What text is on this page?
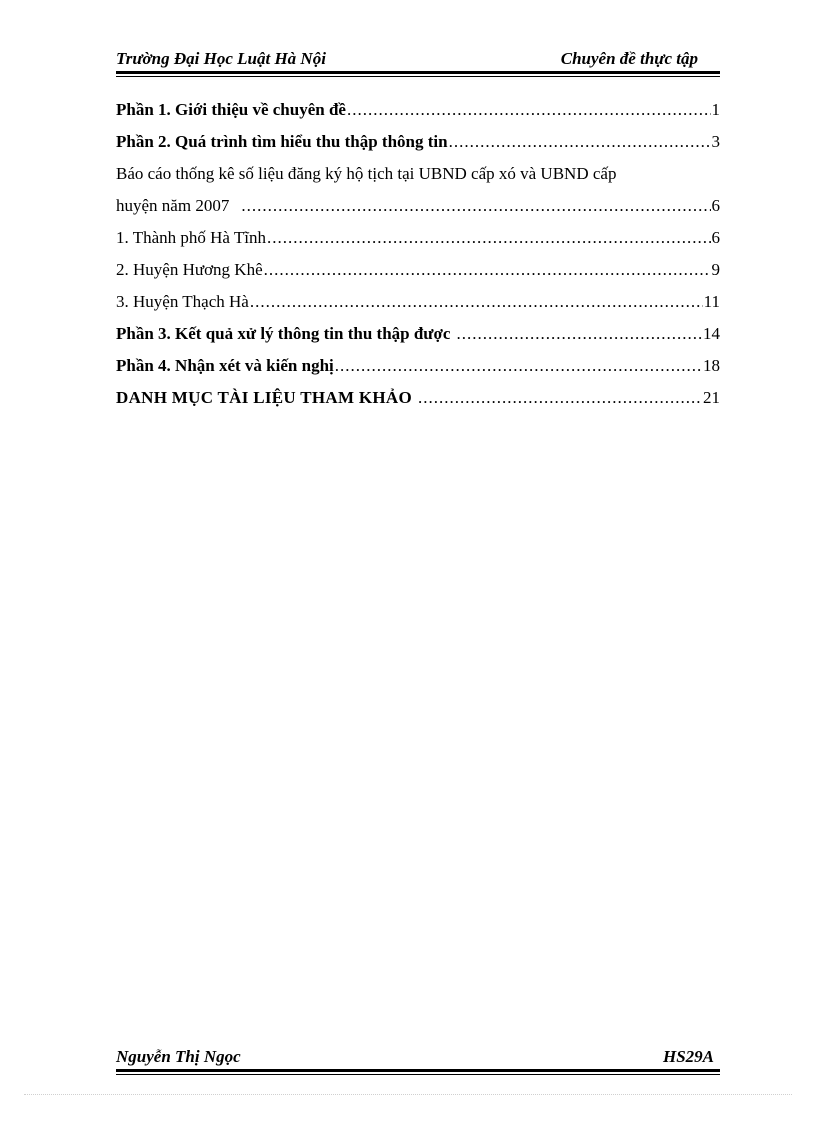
Trường Đại Học Luật Hà Nội	Chuyên đề thực tập
Phần 1. Giới thiệu về chuyên đề .....	1
Phần 2. Quá trình tìm hiểu thu thập thông tin .....	3
Báo cáo thống kê số liệu đăng ký hộ tịch tại UBND cấp xó và UBND cấp
huyện năm 2007 .....	6
1. Thành phố Hà Tĩnh .....	6
2. Huyện Hương Khê .....	9
3. Huyện Thạch Hà .....	11
Phần 3. Kết quả xử lý thông tin thu thập được .....	14
Phần 4. Nhận xét và kiến nghị .....	18
DANH MỤC TÀI LIỆU THAM KHẢO .....	21
Nguyễn Thị Ngọc	HS29A
